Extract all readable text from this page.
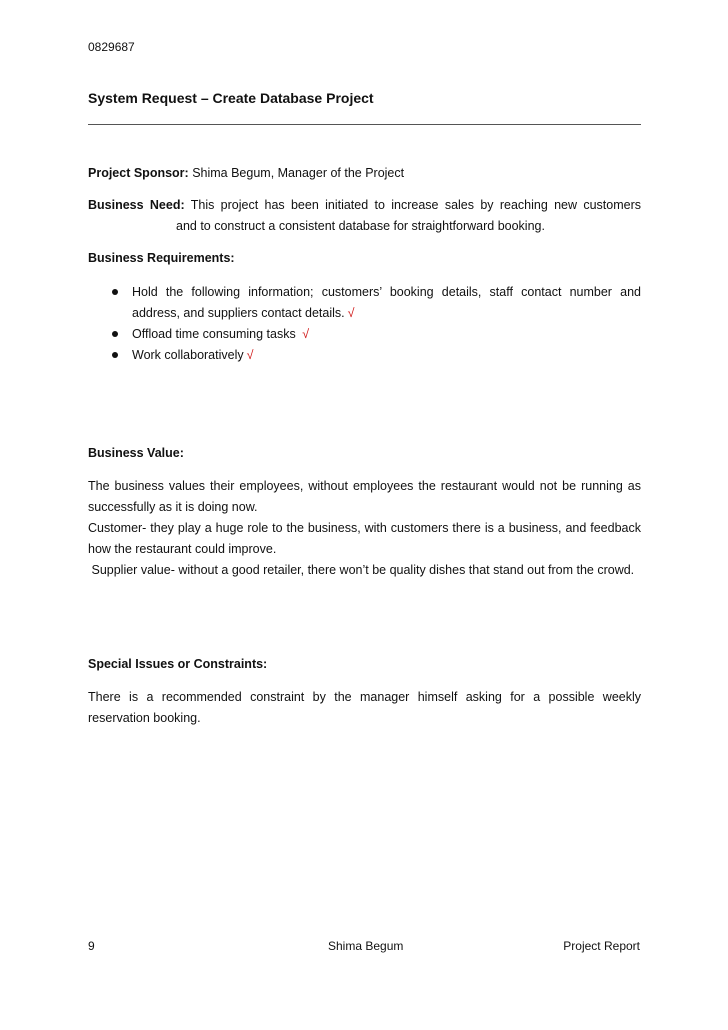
0829687
System Request – Create Database Project
Project Sponsor: Shima Begum, Manager of the Project
Business Need: This project has been initiated to increase sales by reaching new customers
and to construct a consistent database for straightforward booking.
Business Requirements:
Hold the following information; customers’ booking details, staff contact number and address, and suppliers contact details. √
Offload time consuming tasks √
Work collaboratively √
Business Value:

The business values their employees, without employees the restaurant would not be running as successfully as it is doing now.

Customer- they play a huge role to the business, with customers there is a business, and feedback how the restaurant could improve.

Supplier value- without a good retailer, there won’t be quality dishes that stand out from the crowd.

Special Issues or Constraints:

There is a recommended constraint by the manager himself asking for a possible weekly reservation booking.

9	Shima Begum	Project Report
